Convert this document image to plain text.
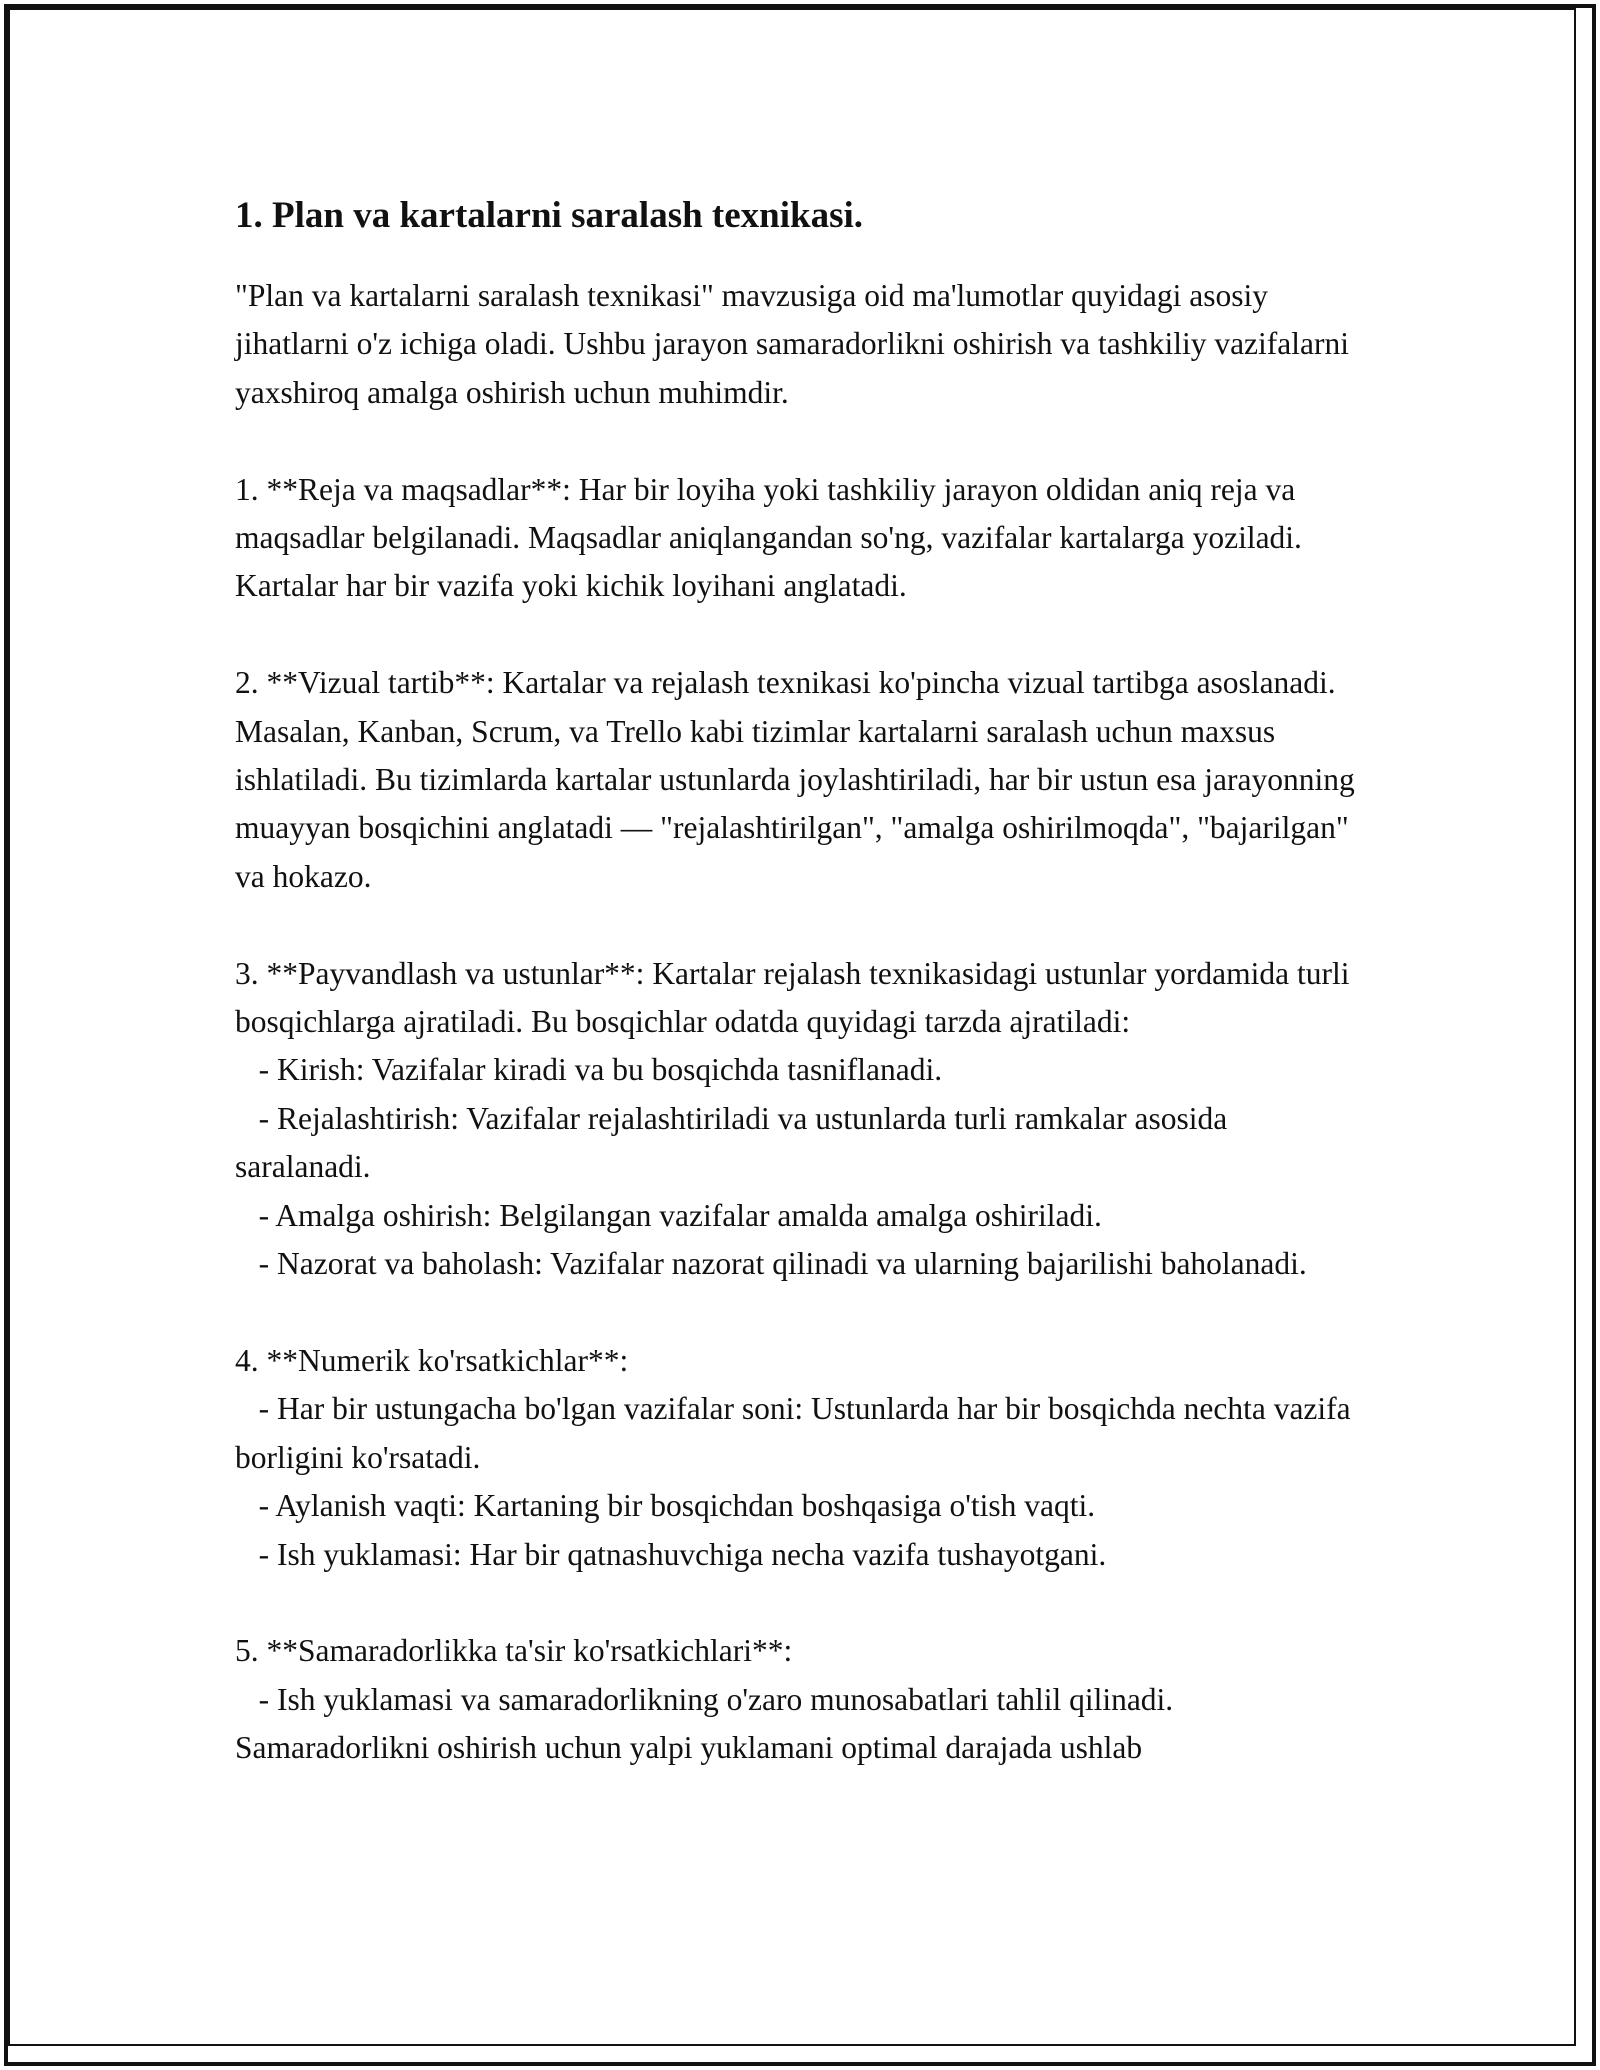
1. Plan va kartalarni saralash texnikasi.

"Plan va kartalarni saralash texnikasi" mavzusiga oid ma'lumotlar quyidagi asosiy jihatlarni o'z ichiga oladi. Ushbu jarayon samaradorlikni oshirish va tashkiliy vazifalarni yaxshiroq amalga oshirish uchun muhimdir.

1. **Reja va maqsadlar**: Har bir loyiha yoki tashkiliy jarayon oldidan aniq reja va maqsadlar belgilanadi. Maqsadlar aniqlangandan so'ng, vazifalar kartalarga yoziladi. Kartalar har bir vazifa yoki kichik loyihani anglatadi.

2. **Vizual tartib**: Kartalar va rejalash texnikasi ko'pincha vizual tartibga asoslanadi. Masalan, Kanban, Scrum, va Trello kabi tizimlar kartalarni saralash uchun maxsus ishlatiladi. Bu tizimlarda kartalar ustunlarda joylashtiriladi, har bir ustun esa jarayonning muayyan bosqichini anglatadi — "rejalashtirilgan", "amalga oshirilmoqda", "bajarilgan" va hokazo.

3. **Payvandlash va ustunlar**: Kartalar rejalash texnikasidagi ustunlar yordamida turli bosqichlarga ajratiladi. Bu bosqichlar odatda quyidagi tarzda ajratiladi:
- Kirish: Vazifalar kiradi va bu bosqichda tasniflanadi.
- Rejalashtirish: Vazifalar rejalashtiriladi va ustunlarda turli ramkalar asosida saralanadi.
- Amalga oshirish: Belgilangan vazifalar amalda amalga oshiriladi.
- Nazorat va baholash: Vazifalar nazorat qilinadi va ularning bajarilishi baholanadi.

4. **Numerik ko'rsatkichlar**:
- Har bir ustungacha bo'lgan vazifalar soni: Ustunlarda har bir bosqichda nechta vazifa borligini ko'rsatadi.
- Aylanish vaqti: Kartaning bir bosqichdan boshqasiga o'tish vaqti.
- Ish yuklamasi: Har bir qatnashuvchiga necha vazifa tushayotgani.

5. **Samaradorlikka ta'sir ko'rsatkichlari**:
- Ish yuklamasi va samaradorlikning o'zaro munosabatlari tahlil qilinadi. Samaradorlikni oshirish uchun yalpi yuklamani optimal darajada ushlab
